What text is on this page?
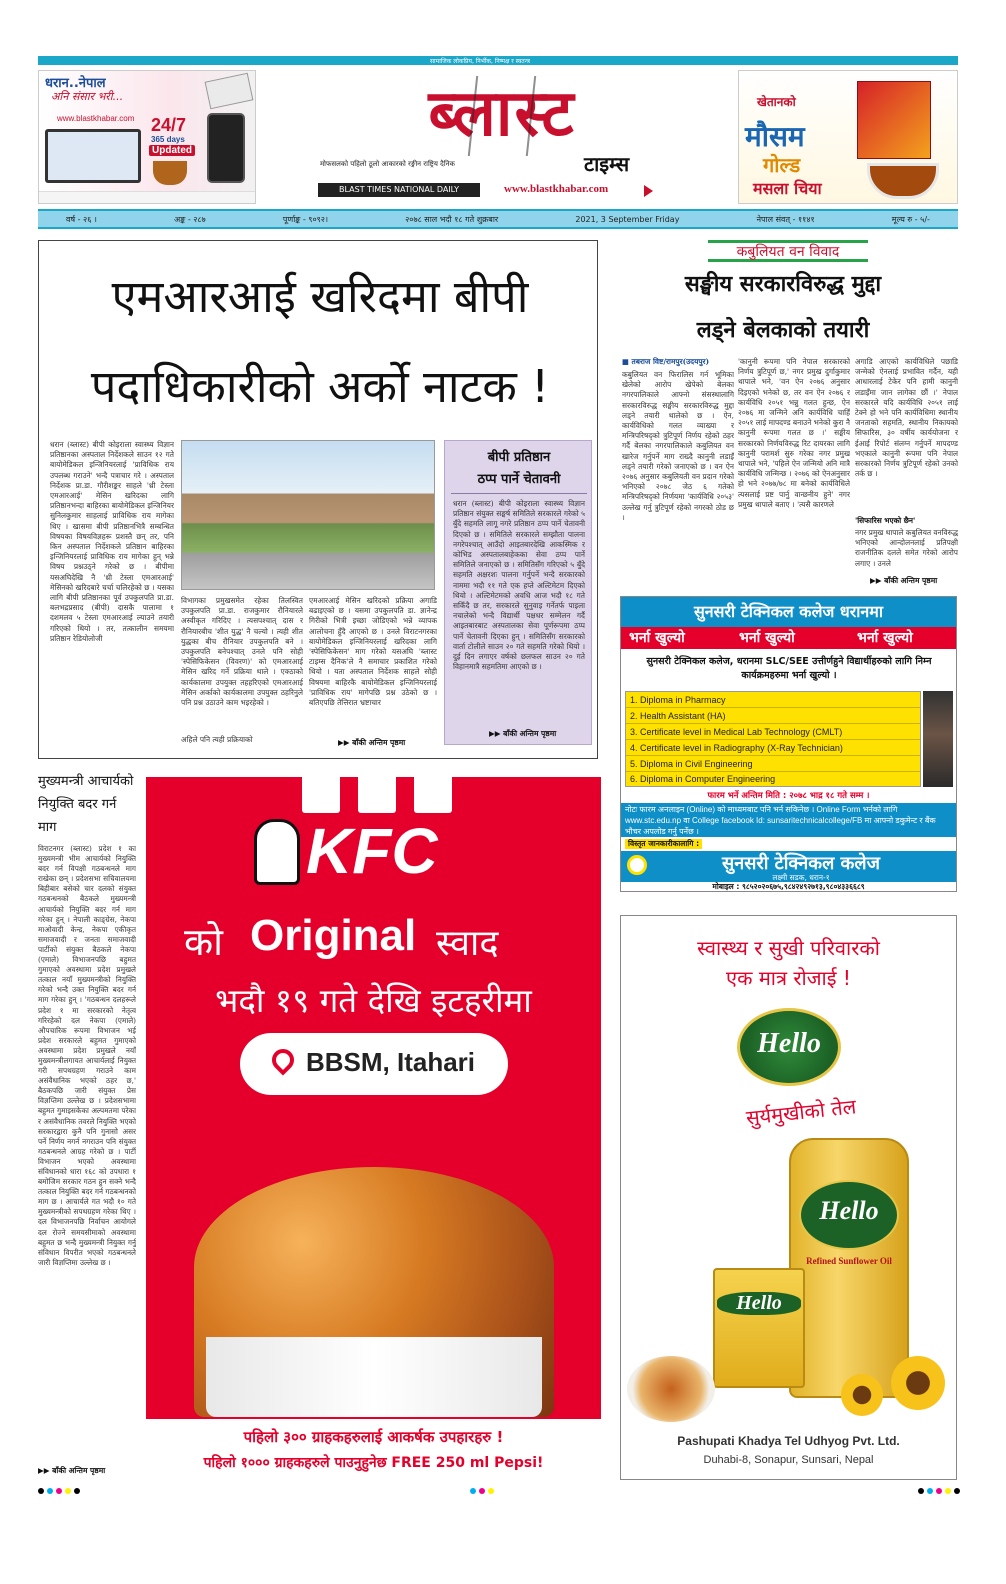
सामाजिक लोकप्रिय, निर्भीक, निष्पक्ष र स्वतन्त्र
धरान..नेपाल
अनि संसार भरी...
www.blastkhabar.com 24/7
365 days
Updated	ब्लास्ट
मोफसलको पहिलो ठूलो आकारको रङ्गीन राष्ट्रिय दैनिक	टाइम्स
BLAST TIMES NATIONAL DAILY	www.blastkhabar.com
खेतानको
मौसम
गोल्ड
मसला चिया
वर्ष - २६ ।	अङ्क - २८७	पूर्णाङ्क - ९०९२।	२०७८ साल भदौ १८ गते शुक्रबार	2021, 3 September Friday	नेपाल संवत् - ११४१	मूल्य रु - ५/-
एमआरआई खरिदमा बीपी
पदाधिकारीको अर्को नाटक !
धरान (ब्लास्ट) बीपी कोइराला स्वास्थ्य विज्ञान प्रतिष्ठानका अस्पताल निर्देशकले साउन १२ गते बायोमेडिकल इन्जिनियरलाई 'प्राविधिक राय उपलब्ध गराउने' भन्दै पत्राचार गरे । अस्पताल निर्देशक प्रा.डा. गौरीशङ्कर साहले 'थ्री टेस्ला एमआरआई' मेसिन खरिदका लागि प्रतिष्ठानभन्दा बाहिरका बायोमेडिकल इन्जिनियर सुनिलकुमार साहलाई प्राविधिक राय मागेका थिए । खासमा बीपी प्रतिष्ठानभित्रै सम्बन्धित विषयका विषयविज्ञहरू प्रशस्तै छन् तर, पनि किन अस्पताल निर्देशकले प्रतिष्ठान बाहिरका इन्जिनियरलाई प्राविधिक राय मागेका हुन् भन्ने विषय प्रश्नउठ्ने गरेको छ । बीपीमा यसअघिदेखि नै 'थ्री टेस्ला एमआरआई' मेसिनको खरिदबारे चर्चा चलिरहेको छ । यसका लागि बीपी प्रतिष्ठानका पूर्व उपकुलपति प्रा.डा. बलभद्रप्रसाद (बीपी) दासकै पालामा १ दशमलव ५ टेस्ला एमआरआई ल्याउने तयारी गरिएको थियो । तर, तत्कालीन समयमा प्रतिष्ठान रेडियोलोजी
विभागका प्रमुखसमेत रहेका तिलस्वित उपकुलपति प्रा.डा. राजकुमार रौनियारले अस्वीकृत गरिदिए । त्यसपश्चात् दास र रौनियारबीच 'शीत युद्ध' नै चल्यो । त्यही शीत युद्धका बीच रौनियार उपकुलपति बने । उपकुलपति बनेपश्चात् उनले पनि सोही 'स्पेसिफिकेसन (विवरण)' को एमआरआई मेसिन खरिद गर्ने प्रक्रिया थाले । एक्ठाको कार्यकालमा उपयुक्त तहहरिएको एमआरआई मेसिन अर्काको कार्यकालमा उपयुक्त ठहरिनुले पनि प्रश्न उठाउने काम भइरहेको ।
अहिले पनि त्यही प्रक्रियाको
एमआरआई मेसिन खरिदको प्रक्रिया अगाडि बढाइएको छ । यसमा उपकुलपति डा. ज्ञानेन्द्र गिरीको भित्री इच्छा जोडिएको भन्ने व्यापक आलोचना हुँदै आएको छ । उनले विराटनगरका बायोमेडिकल इन्जिनियरलाई खरिदका लागि 'स्पेसिफिकेसन' माग गरेको यसअघि 'ब्लास्ट टाइम्स दैनिक'ले नै समाचार प्रकाशित गरेको थियो । यता अस्पताल निर्देशक साहले सोही विषयमा बाहिरकै बायोमेडिकल इन्जिनियरलाई 'प्राविधिक राय' मागेपछि प्रश्न उठेको छ । बतिएपछि तेत्तिरात भ्रष्टाचार
▶▶ बाँकी अन्तिम पृष्ठमा
बीपी प्रतिष्ठान
ठप्प पार्ने चेतावनी
धरान (ब्लास्ट) बीपी कोइराला स्वास्थ्य विज्ञान प्रतिष्ठान संयुक्त सङ्घर्ष समितिले सरकारले गरेको ५ बुँदे सहमति लागू नगरे प्रतिष्ठान ठप्प पार्ने चेतावनी दिएको छ । समितिले सरकारले सम्झौता पालना नगरेपश्चात् आउँदो आइतबारदेखि आकस्मिक र कोभिड अस्पतालबाहेकका सेवा ठप्प पार्ने समितिले जनाएको छ । समितिसँग गरिएको ५ बुँदे सहमति अक्षरशः पालना गर्नुपर्ने भन्दै सरकारको नाममा भदौ ११ गते एक हप्ते अल्टिमेटम दिएको थियो । अल्टिमेटमको अवधि आज भदौ १८ गते सकिँदै छ तर, सरकारले सुनुवाइ गर्नेतर्फ पाइला नचालेको भन्दै विद्यार्थी पक्षधर सम्मेलन गर्दै आइतबारबाट अस्पतालका सेवा पूर्णरूपमा ठप्प पार्ने चेतावनी दिएका हुन् । समितिसँग सरकारको वार्ता टोलीले साउन २० गते सहमति गरेको थियो । दुई दिन लगाएर वर्षको छलफल साउन २० गते विहानमात्रै सहमतिमा आएको छ ।
▶▶ बाँकी अन्तिम पृष्ठमा
कबुलियत वन विवाद
सङ्घीय सरकारविरुद्ध मुद्दा
लड्ने बेलकाको तयारी
■ तबराज विष्ट/रामपुर(उदयपुर)
कबुलियत वन फिरालिस गर्न भूमिका खेलेको आरोप खेपेको बेलका नगरपालिकाले आफ्नो संसस्थालागि सरकारविरुद्ध सङ्घीय सरकारविरुद्ध मुद्दा लड्ने तयारी थालेको छ । ऐन, कार्यविधिको गलत व्याख्या र मन्त्रिपरिषद्को त्रुटिपूर्ण निर्णय रहेको ठहर गर्दै बेलका नगरपालिकाले कबुलियत वन खारेज गर्नुपर्ने माग राख्दै कानुनी लडाइँ लड्ने तयारी गरेको जनाएको छ । वन ऐन २०७६ अनुसार कबुलियती वन प्रदान गरेको भनिएको २०७८ जेठ ६ गतेको मन्त्रिपरिषद्को निर्णयमा 'कार्यविधि २०५३' उल्लेख गर्नु त्रुटिपूर्ण रहेको नगरको ठोड छ ।
'कानुनी रूपमा पनि नेपाल सरकारको निर्णय त्रुटिपूर्ण छ,' नगर प्रमुख दुर्गाकुमार थापाले भने, 'वन ऐन २०७६ अनुसार दिइएको भनेको छ, तर वन ऐन २०७६ र कार्यविधि २०५१ भन्नु गलत हुन्छ, ऐन २०७६ मा जन्मिने अनि कार्यविधि चाहिँ २०५१ लाई मापदण्ड बनाउने भनेको कुरा नै कानुनी रूपमा गलत छ ।' सङ्घीय सरकारको निर्णयविरुद्ध रिट दायरका लागि कानुनी परामर्श सुरु गरेका नगर प्रमुख थापाले भने, 'पहिले ऐन जन्मियो अनि मात्रै कार्यविधि जन्मिन्छ । २०७६ को ऐनअनुसार हो भने २०७७/७८ मा बनेको कार्यविधिले त्यसलाई प्रष्ट पार्नु वान्छनीय हुने' नगर प्रमुख थापाले बताए । 'त्यसै कारणले
अगाडि आएको कार्यविधिले पछाडि जन्मेको ऐनलाई प्रभावित गर्दैन, यही आधारलाई टेकेर पनि हामी कानुनी लडाइँमा जान लागेका छौं ।' नेपाल सरकारले यदि कार्यविधि २०५१ लाई टेक्ने हो भने पनि कार्यविधिमा स्थानीय जनताको सहमति, स्थानीय निकायको सिफारिस, ३० वर्षीय कार्ययोजना र ईआई रिपोर्ट संलग्न गर्नुपर्ने मापदण्ड भएकाले कानुनी रूपमा पनि नेपाल सरकारको निर्णय त्रुटिपूर्ण रहेको उनको तर्क छ ।
'सिफारिस भएको छैन'
नगर प्रमुख थापाले कबुलियत वनविरुद्ध भनिएको आन्दोलनलाई प्रतिपक्षी राजनीतिक दलले समेत गरेको आरोप लगाए । उनले
▶▶ बाँकी अन्तिम पृष्ठमा
सुनसरी टेक्निकल कलेज धरानमा
भर्ना खुल्यो	भर्ना खुल्यो	भर्ना खुल्यो
सुनसरी टेक्निकल कलेज, धरानमा SLC/SEE उत्तीर्णहुने विद्यार्थीहरुको लागि निम्न कार्यक्रमहरुमा भर्ना खुल्यो ।
1. Diploma in Pharmacy
2. Health Assistant (HA)
3. Certificate level in Medical Lab Technology (CMLT)
4. Certificate level in Radiography (X-Ray Technician)
5. Diploma in Civil Engineering
6. Diploma in Computer Engineering
फारम भर्ने अन्तिम मिति : २०७८ भाद्र १८ गते सम्म ।
नोटः फारम अनलाइन (Online) को माध्यमबाट पनि भर्न सकिनेछ । Online Form भर्नको लागि www.stc.edu.np वा College facebook Id: sunsaritechnicalcollege/FB मा आफ्नो डकुमेन्ट र बैंक भौचर अपलोड गर्नु पर्नेछ ।
विस्तृत जानकारीकालागि :
सुनसरी टेक्निकल कलेज
लक्ष्मी सडक, धरान-१
मोबाइल : ९८५२०२०६७५,९८४२४९२७१३,९८०४३३६६८९
मुख्यमन्त्री आचार्यको नियुक्ति बदर गर्न माग
विराटनगर (ब्लास्ट) प्रदेश १ का मुख्यमन्त्री भीम आचार्यको नियुक्ति बदर गर्न विपक्षी गठबन्धनले माग राखेका छन् । प्रदेशसभा सचिवालयमा बिहीबार बसेको चार दलको संयुक्त गठबन्धनको बैठकले मुख्यमन्त्री आचार्यको नियुक्ति बदर गर्न माग गरेका हुन् । नेपाली काङ्ग्रेस, नेकपा माओवादी केन्द्र, नेकपा एकीकृत समाजवादी र जनता समाजवादी पार्टीको संयुक्त बैठकले नेकपा (एमाले) विभाजनपछि बहुमत गुमाएको अवस्थामा प्रदेश प्रमुखले तत्काल नयाँ मुख्यमन्त्रीको नियुक्ति गरेको भन्दै उक्त नियुक्ति बदर गर्न माग गरेका हुन् । 'गठबन्धन दलहरूले प्रदेश १ मा सरकारको नेतृत्व गरिरहेको दल नेकपा (एमाले) औपचारिक रूपमा विभाजन भई प्रदेश सरकारले बहुमत गुमाएको अवस्थामा प्रदेश प्रमुखले नयाँ मुख्यमन्त्रीलगायत आचार्यलाई नियुक्त गरी सपथग्रहण गराउने काम असंवैधानिक भएको ठहर छ,' बैठकपछि जारी संयुक्त प्रेस विज्ञप्तिमा उल्लेख छ । प्रदेशसभामा बहुमत गुमाइसकेका अल्पमतमा परेका र असंवैधानिक तवरले नियुक्ति भएको सरकारद्वारा कुनै पनि गुनासो असर पर्ने निर्णय नगर्न नगराउन पनि संयुक्त गठबन्धनले आग्रह गरेको छ । पार्टी विभाजन भएको अवस्थामा संविधानको धारा १६८ को उपधारा १ बमोजिम सरकार गठन हुन सक्ने भन्दै तत्काल नियुक्ति बदर गर्न गठबन्धनको माग छ । आचार्यले गत भदौ १० गते मुख्यमन्त्रीको सपथग्रहण गरेका थिए । दल विभाजनपछि निर्वाचन आयोगले दल रोज्ने समयसीमाको अवस्थामा बहुमत छ भन्दै मुख्यमन्त्री नियुक्त गर्नु संविधान विपरीत भएको गठबन्धनले जारी विज्ञप्तिमा उल्लेख छ ।
▶▶ बाँकी अन्तिम पृष्ठमा
KFC
को Original स्वाद
भदौ १९ गते देखि इटहरीमा
BBSM, Itahari
पहिलो ३०० ग्राहकहरुलाई आकर्षक उपहारहरु !
पहिलो १००० ग्राहकहरुले पाउनुहुनेछ FREE 250 ml Pepsi!
स्वास्थ्य र सुखी परिवारको
एक मात्र रोजाई !
Hello
सुर्यमुखीको तेल
Hello
Refined Sunflower Oil
Hello
Pashupati Khadya Tel Udhyog Pvt. Ltd.
Duhabi-8, Sonapur, Sunsari, Nepal
